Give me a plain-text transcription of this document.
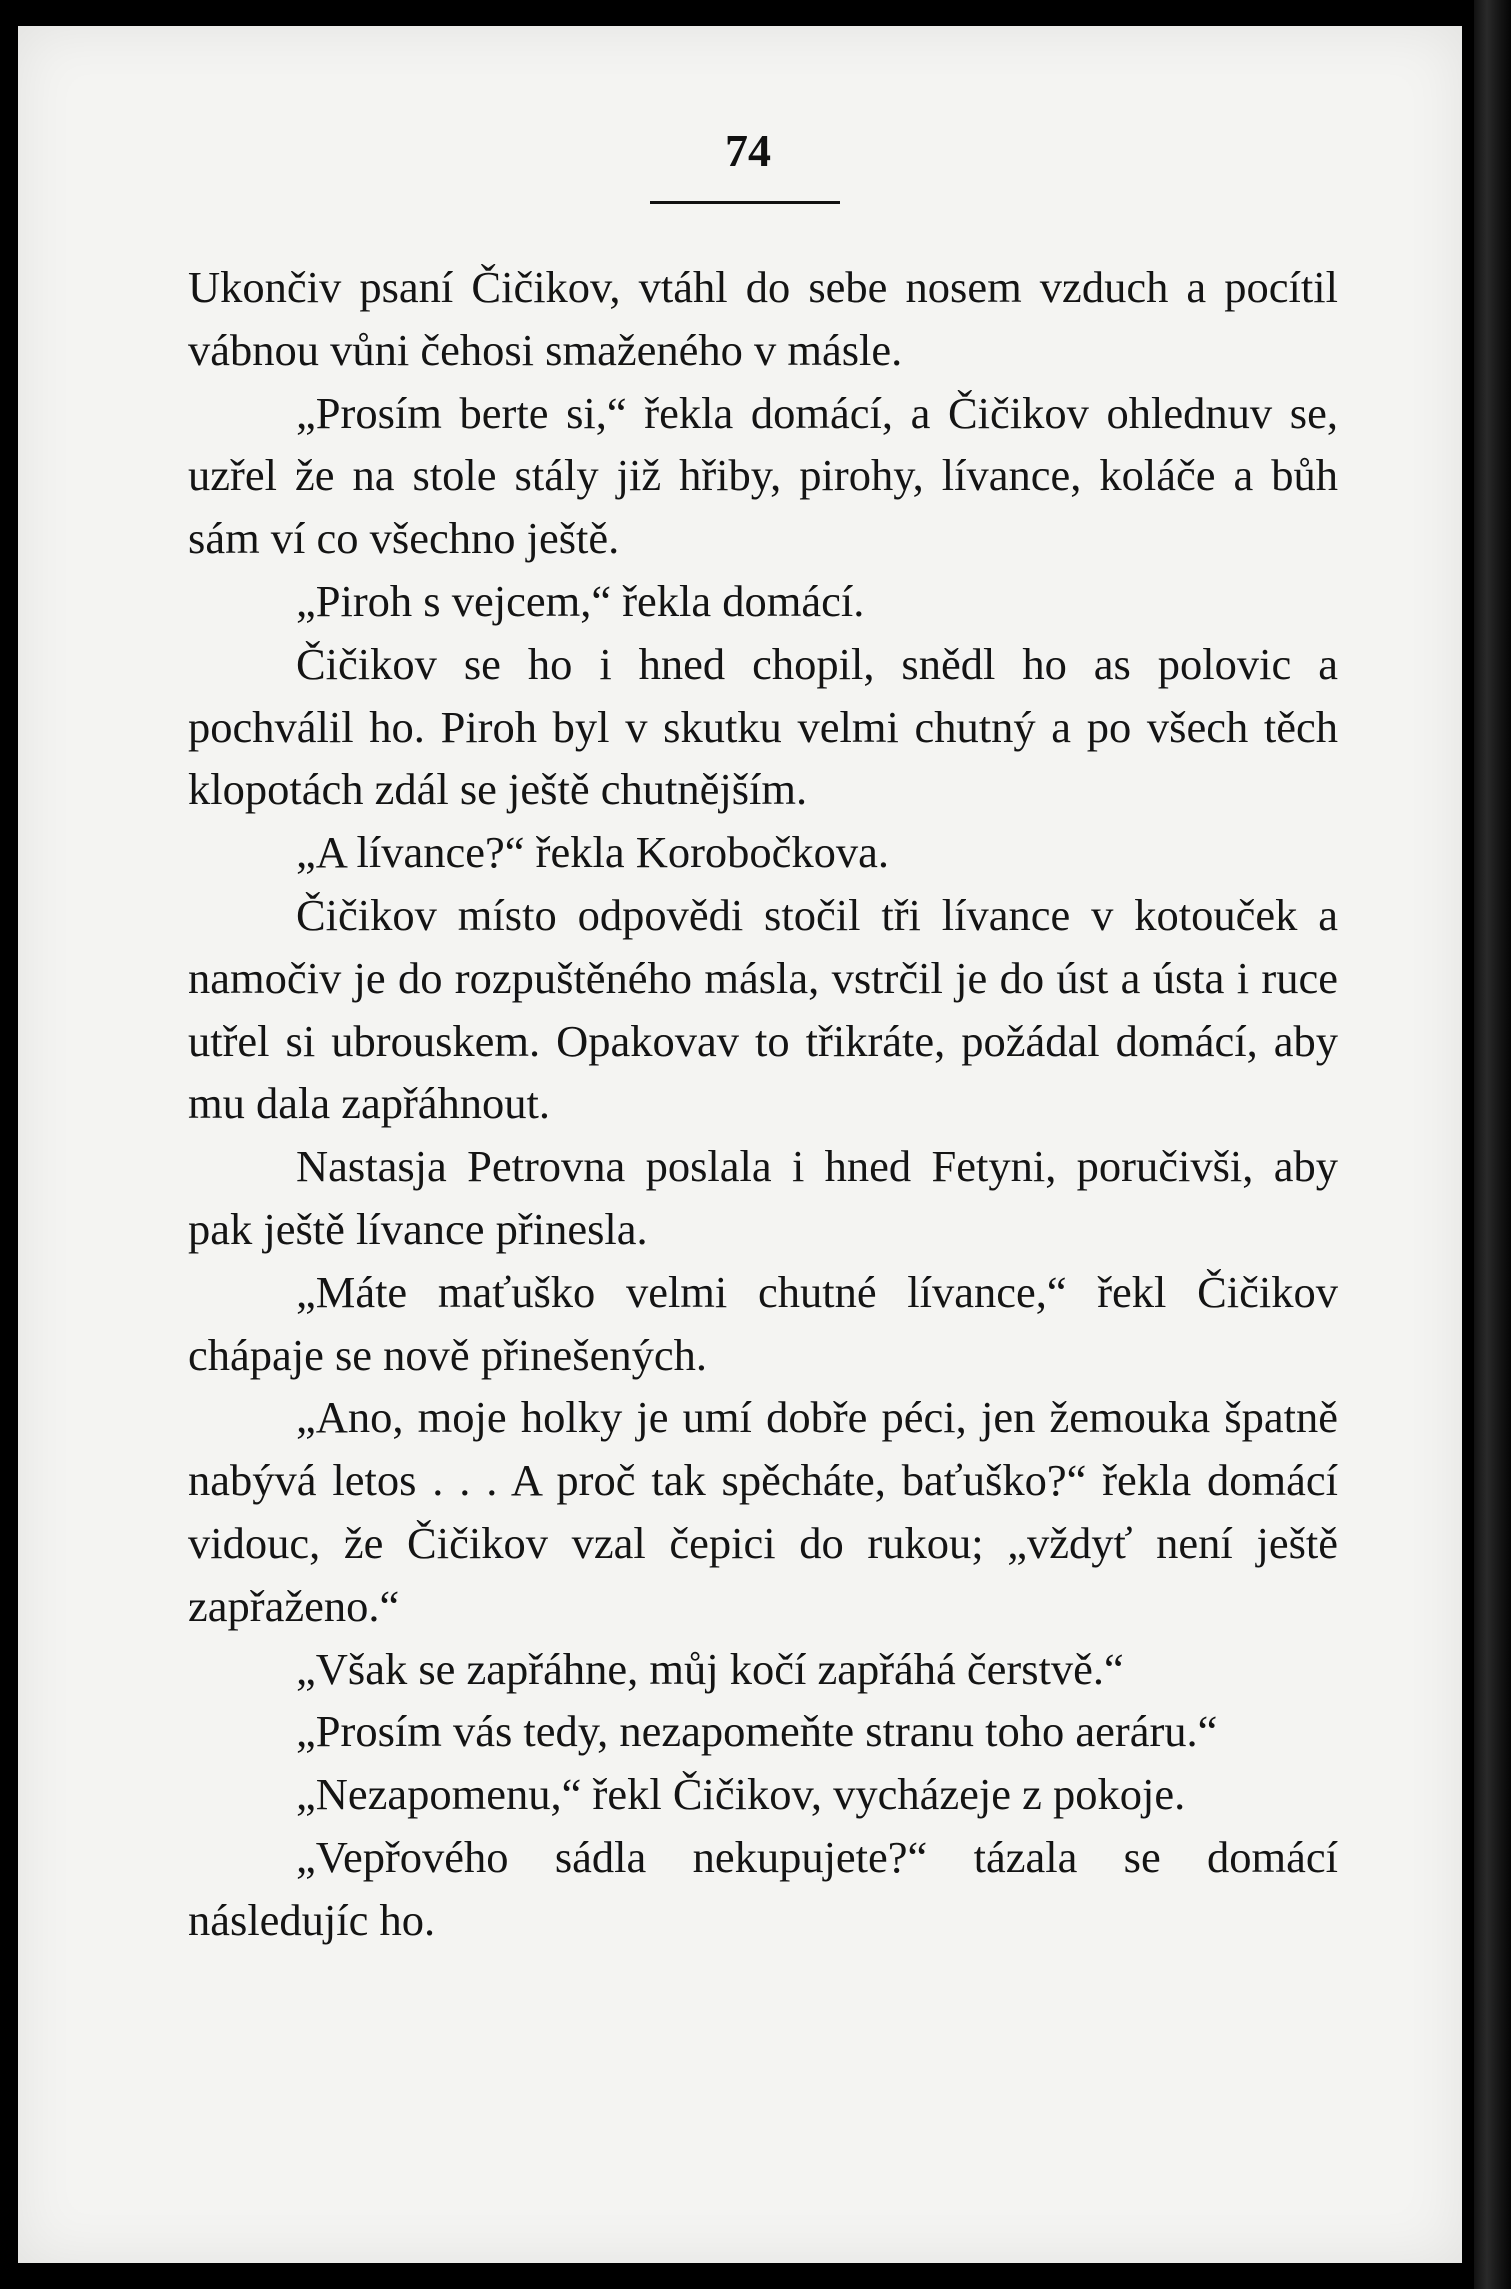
74

Ukončiv psaní Čičikov, vtáhl do sebe nosem vzduch a pocítil vábnou vůni čehosi smaženého v másle.

„Prosím berte si,“ řekla domácí, a Čičikov ohlednuv se, uzřel že na stole stály již hřiby, pirohy, lívance, koláče a bůh sám ví co všechno ještě.

„Piroh s vejcem,“ řekla domácí.

Čičikov se ho i hned chopil, snědl ho as polovic a pochválil ho. Piroh byl v skutku velmi chutný a po všech těch klopotách zdál se ještě chutnějším.

„A lívance?“ řekla Korobočkova.

Čičikov místo odpovědi stočil tři lívance v kotouček a namočiv je do rozpuštěného másla, vstrčil je do úst a ústa i ruce utřel si ubrouskem. Opakovav to třikráte, požádal domácí, aby mu dala zapřáhnout.

Nastasja Petrovna poslala i hned Fetyni, poručivši, aby pak ještě lívance přinesla.

„Máte maťuško velmi chutné lívance,“ řekl Čičikov chápaje se nově přinešených.

„Ano, moje holky je umí dobře péci, jen žemouka špatně nabývá letos . . . A proč tak spěcháte, baťuško?“ řekla domácí vidouc, že Čičikov vzal čepici do rukou; „vždyť není ještě zapřaženo.“

„Však se zapřáhne, můj kočí zapřáhá čerstvě.“

„Prosím vás tedy, nezapomeňte stranu toho aeráru.“

„Nezapomenu,“ řekl Čičikov, vycházeje z pokoje.

„Vepřového sádla nekupujete?“ tázala se domácí následujíc ho.
